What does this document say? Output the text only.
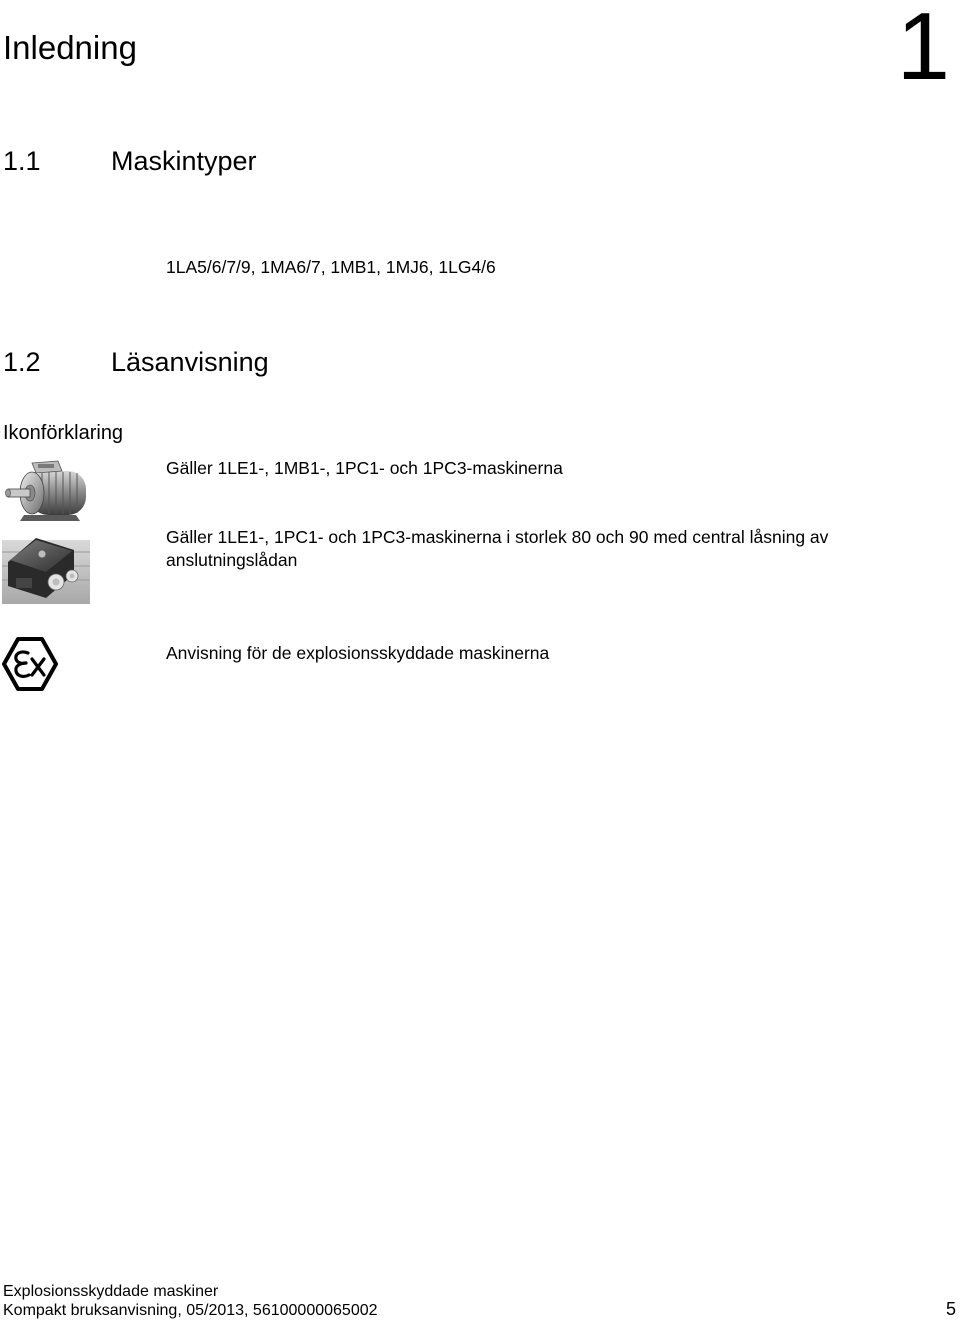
Inledning	1
1.1	Maskintyper
1LA5/6/7/9, 1MA6/7, 1MB1, 1MJ6, 1LG4/6
1.2	Läsanvisning
Ikonförklaring
Gäller 1LE1-, 1MB1-, 1PC1- och 1PC3-maskinerna
Gäller 1LE1-, 1PC1- och 1PC3-maskinerna i storlek 80 och 90 med central låsning av anslutningslådan
Anvisning för de explosionsskyddade maskinerna
Explosionsskyddade maskiner
Kompakt bruksanvisning, 05/2013, 56100000065002	5
